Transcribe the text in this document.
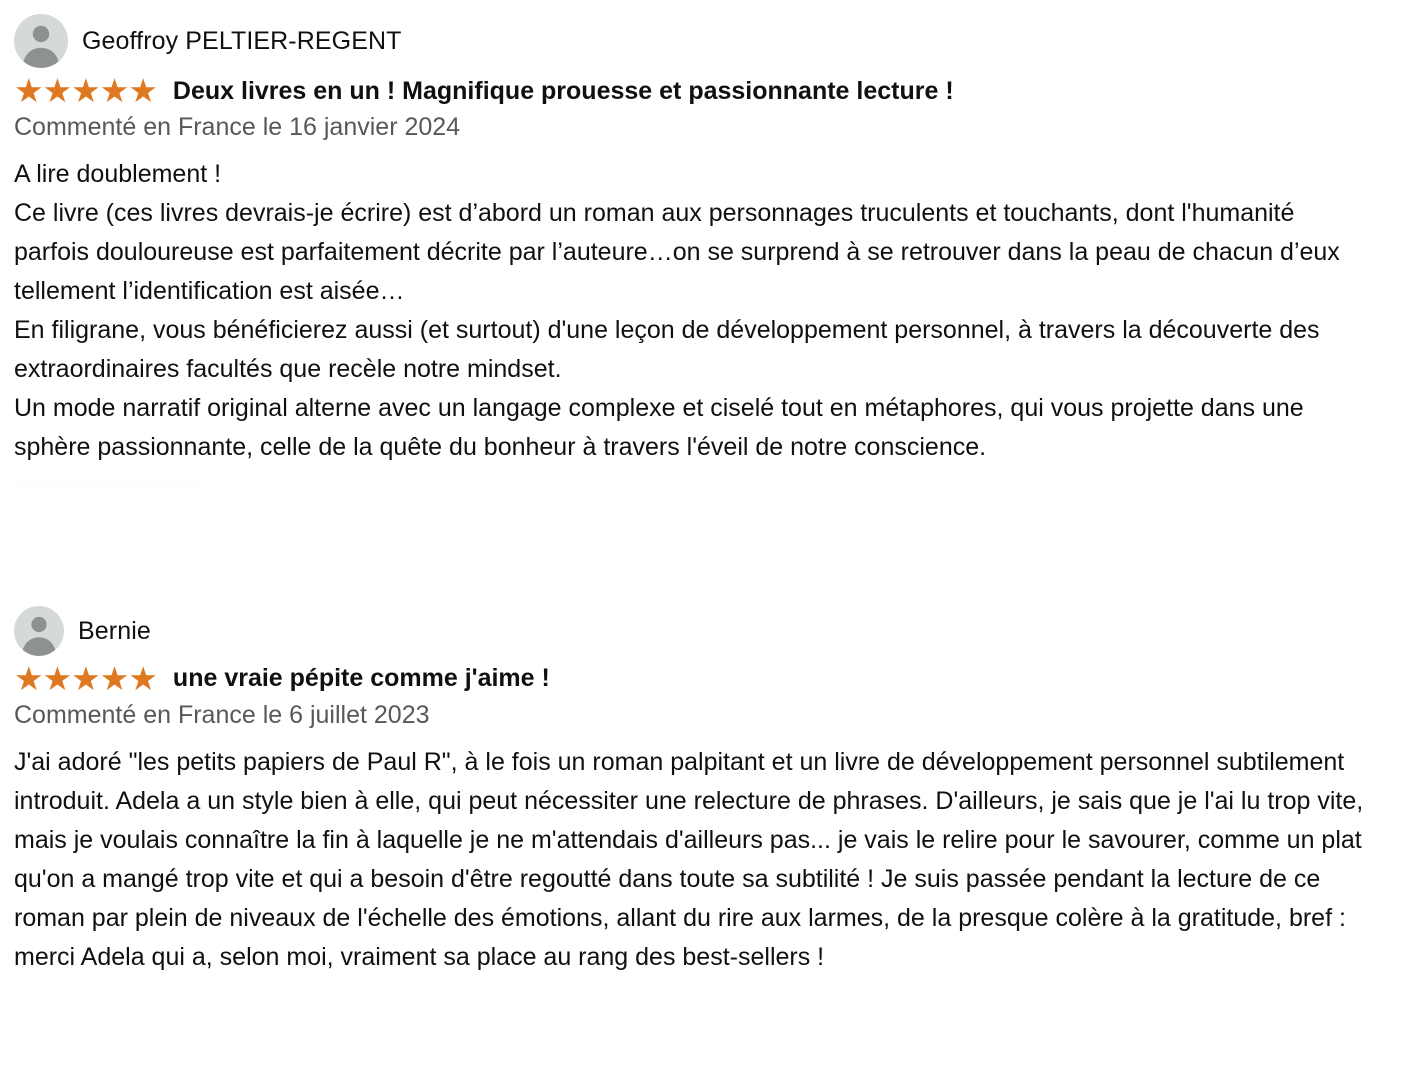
Geoffroy PELTIER-REGENT
★★★★★ Deux livres en un ! Magnifique prouesse et passionnante lecture !
Commenté en France le 16 janvier 2024

A lire doublement !

Ce livre (ces livres devrais-je écrire) est d’abord un roman aux personnages truculents et touchants, dont l'humanité parfois douloureuse est parfaitement décrite par l’auteure…on se surprend à se retrouver dans la peau de chacun d’eux tellement l’identification est aisée…

En filigrane, vous bénéficierez aussi (et surtout) d'une leçon de développement personnel, à travers la découverte des extraordinaires facultés que recèle notre mindset.

Un mode narratif original alterne avec un langage complexe et ciselé tout en métaphores, qui vous projette dans une sphère passionnante, celle de la quête du bonheur à travers l'éveil de notre conscience.

Bernie
★★★★★ une vraie pépite comme j'aime !
Commenté en France le 6 juillet 2023

J'ai adoré "les petits papiers de Paul R", à le fois un roman palpitant et un livre de développement personnel subtilement introduit. Adela a un style bien à elle, qui peut nécessiter une relecture de phrases. D'ailleurs, je sais que je l'ai lu trop vite, mais je voulais connaître la fin à laquelle je ne m'attendais d'ailleurs pas... je vais le relire pour le savourer, comme un plat qu'on a mangé trop vite et qui a besoin d'être regoutté dans toute sa subtilité ! Je suis passée pendant la lecture de ce roman par plein de niveaux de l'échelle des émotions, allant du rire aux larmes, de la presque colère à la gratitude, bref : merci Adela qui a, selon moi, vraiment sa place au rang des best-sellers !
